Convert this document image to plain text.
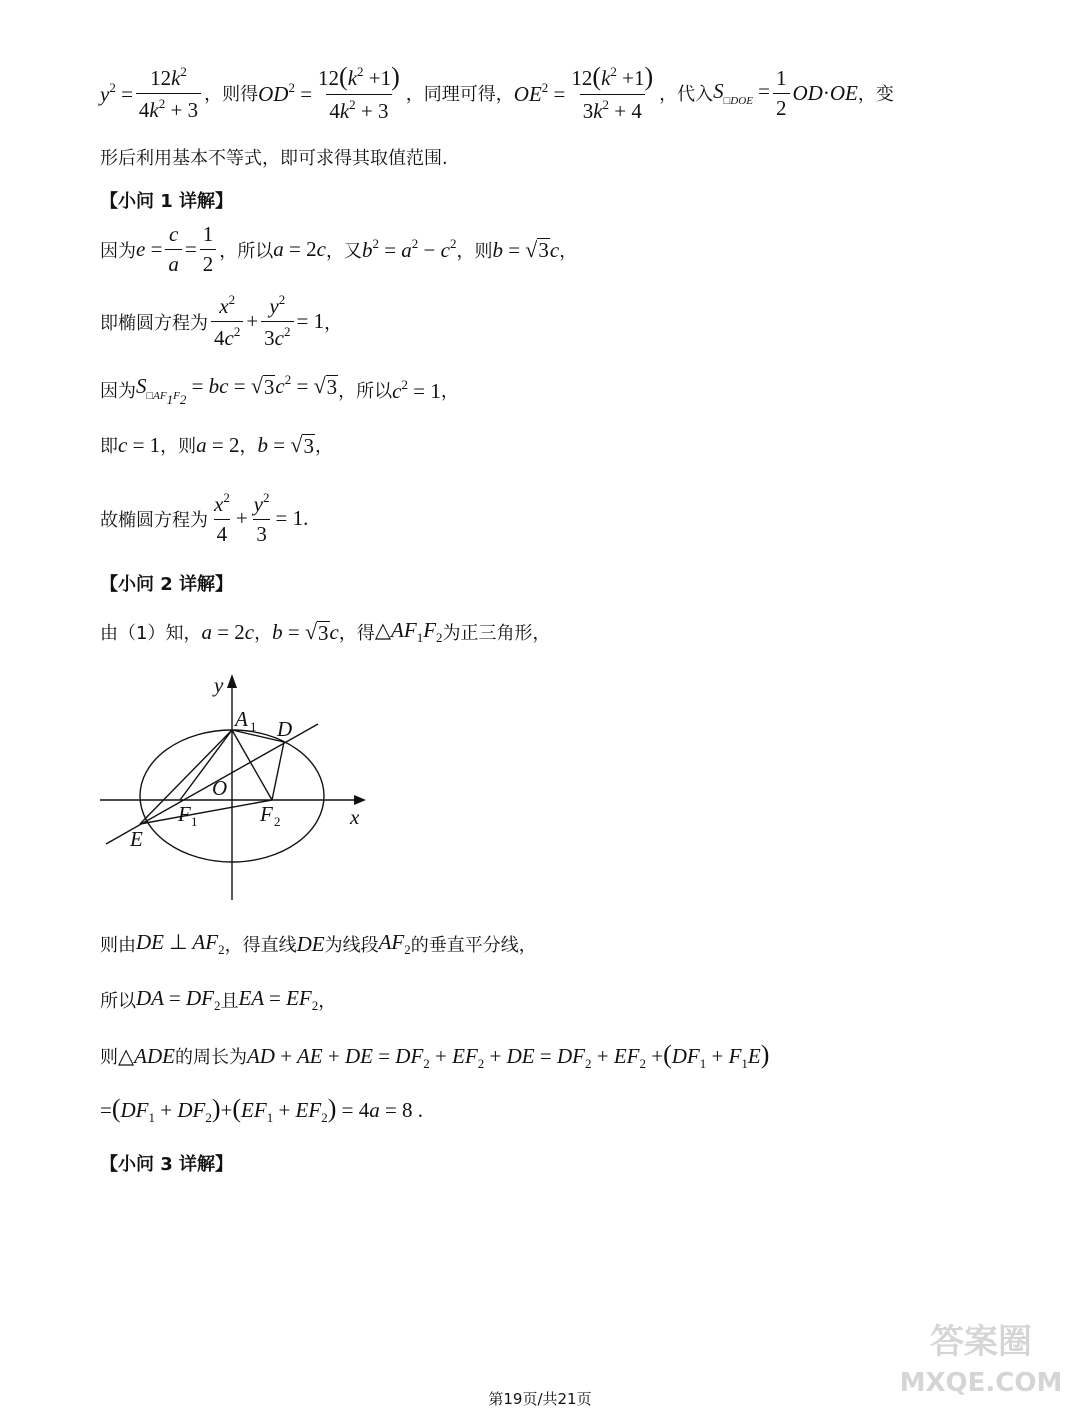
$y^2 = \frac{12k^2}{4k^2 + 3}$ ，则得 $OD^2 = \frac{12(k^2 +1)}{4k^2 + 3}$ ，同理可得， $OE^2 = \frac{12(k^2 +1)}{3k^2 + 4}$ ，代入 $S_{□DOE} = \frac{1}{2} OD\cdot OE$ ，变
形后利用基本不等式，即可求得其取值范围.
【小问 1 详解】
因为 $e = \frac{c}{a} = \frac{1}{2}$ ，所以 a = 2c ，又 $b^2 = a^2 - c^2$ ，则 b = √ 3 c ，
即椭圆方程为 $\frac{x^2}{4c^2} + \frac{y^2}{3c^2} = 1$ ，
因为 $S_{□AF_1F_2}$ = bc = √ 3 $c^2$ = √ 3 ，所以 $c^2 = 1$ ，
即 c = 1 ，则 a = 2 ， b = √ 3 ，
故椭圆方程为 $\frac{x^2}{4} + \frac{y^2}{3} = 1$.
【小问 2 详解】
由（1）知， a = 2c ， b = √ 3 c ，得 $\triangle AF_1F_2$ 为正三角形，
y
x
O
A 1 D
E
F 1	F 2
则由 DE ⊥ $AF_2$ ，得直线 DE 为线段 $AF_2$ 的垂直平分线，
所以 DA = $DF_2$ 且 EA = $EF_2$ ，
则 △ADE 的周长为 AD + AE + DE = $DF_2 + EF_2$ + DE = $DF_2 + EF_2 +(DF_1 + F_1E)$
$=(DF_1 + DF_2)+(EF_1 + EF_2) = 4a = 8$ .
【小问 3 详解】
第19页/共21页
答案圈
MXQE.COM
